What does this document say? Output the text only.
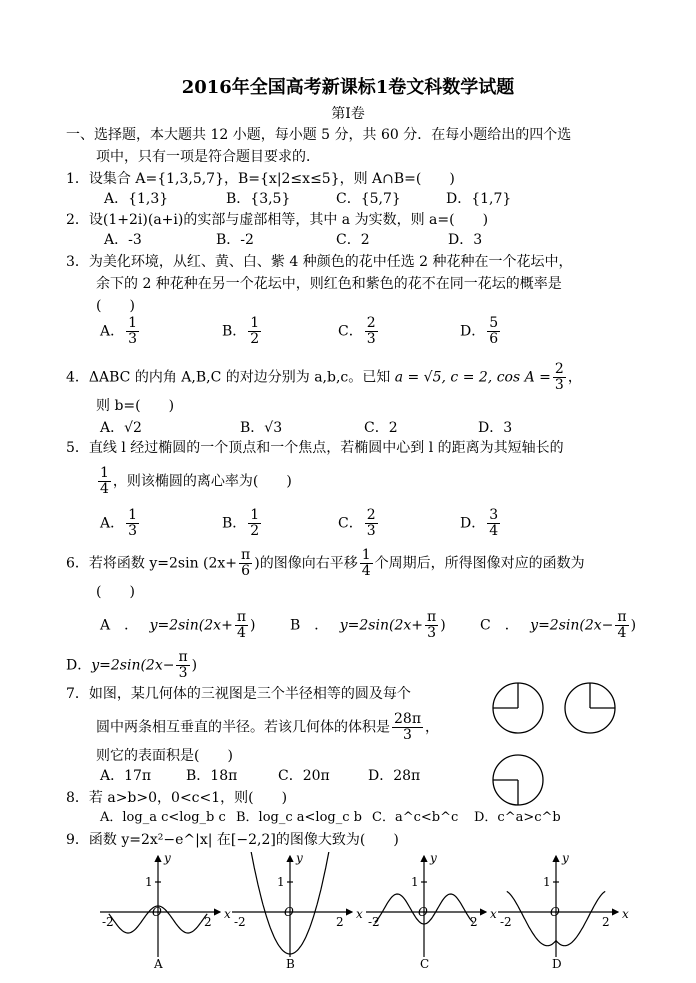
2016年全国高考新课标1卷文科数学试题
第Ⅰ卷
一、选择题，本大题共 12 小题，每小题 5 分，共 60 分．在每小题给出的四个选
项中，只有一项是符合题目要求的．
1．设集合 A={1,3,5,7}，B={x|2≤x≤5}，则 A∩B=(　　)
A．{1,3}	B．{3,5}	C．{5,7}	D．{1,7}
2．设(1+2i)(a+i)的实部与虚部相等，其中 a 为实数，则 a=(　　)
A．-3	B．-2	C．2	D．3
3．为美化环境，从红、黄、白、紫 4 种颜色的花中任选 2 种花种在一个花坛中，
余下的 2 种花种在另一个花坛中，则红色和紫色的花不在同一花坛的概率是
(　　)
A． $\frac{1}{3}$	B． $\frac{1}{2}$	C． $\frac{2}{3}$	D． $\frac{5}{6}$
4．ΔABC 的内角 A,B,C 的对边分别为 a,b,c。已知 a = √5, c = 2, $\cos A = \frac{2}{3}$ ，
则 b=(　　)
A．√2	B．√3	C．2	D．3
5．直线 l 经过椭圆的一个顶点和一个焦点，若椭圆中心到 l 的距离为其短轴长的
$\frac{1}{4}$ ，则该椭圆的离心率为(　　)
A． $\frac{1}{3}$	B． $\frac{1}{2}$	C． $\frac{2}{3}$	D． $\frac{3}{4}$
6．若将函数 y=2sin ($2x+ \frac{\pi}{6}$ )的图像向右平移 $\frac{1}{4}$ 个周期后，所得图像对应的函数为
(　　)
A　．　 $y=2\sin(2x+ \frac{\pi}{4}$ ) B　．　 $y=2\sin(2x+ \frac{\pi}{3}$ ) C　．　 $y=2\sin(2x- \frac{\pi}{4}$ )
D．$y=2\sin(2x- \frac{\pi}{3}$ )
7．如图，某几何体的三视图是三个半径相等的圆及每个
圆中两条相互垂直的半径。若该几何体的体积是 $\frac{28\pi}{3}$ ，
则它的表面积是(　　)
A．17π B．18π	C．20π	D．28π
8．若 a>b>0，0<c<1，则(　　)
A．log_a c<log_b c B．log_c a<log_c b C．a^c<b^c D．c^a>c^b
9．函数 y=2x²−e^|x| 在[−2,2]的图像大致为(　　)
y
x
1
-2	2
O
A
y
x
1
-2	2
O
B
y
x
1
-2	2
O
C
y
x
1
-2	2
O
D
